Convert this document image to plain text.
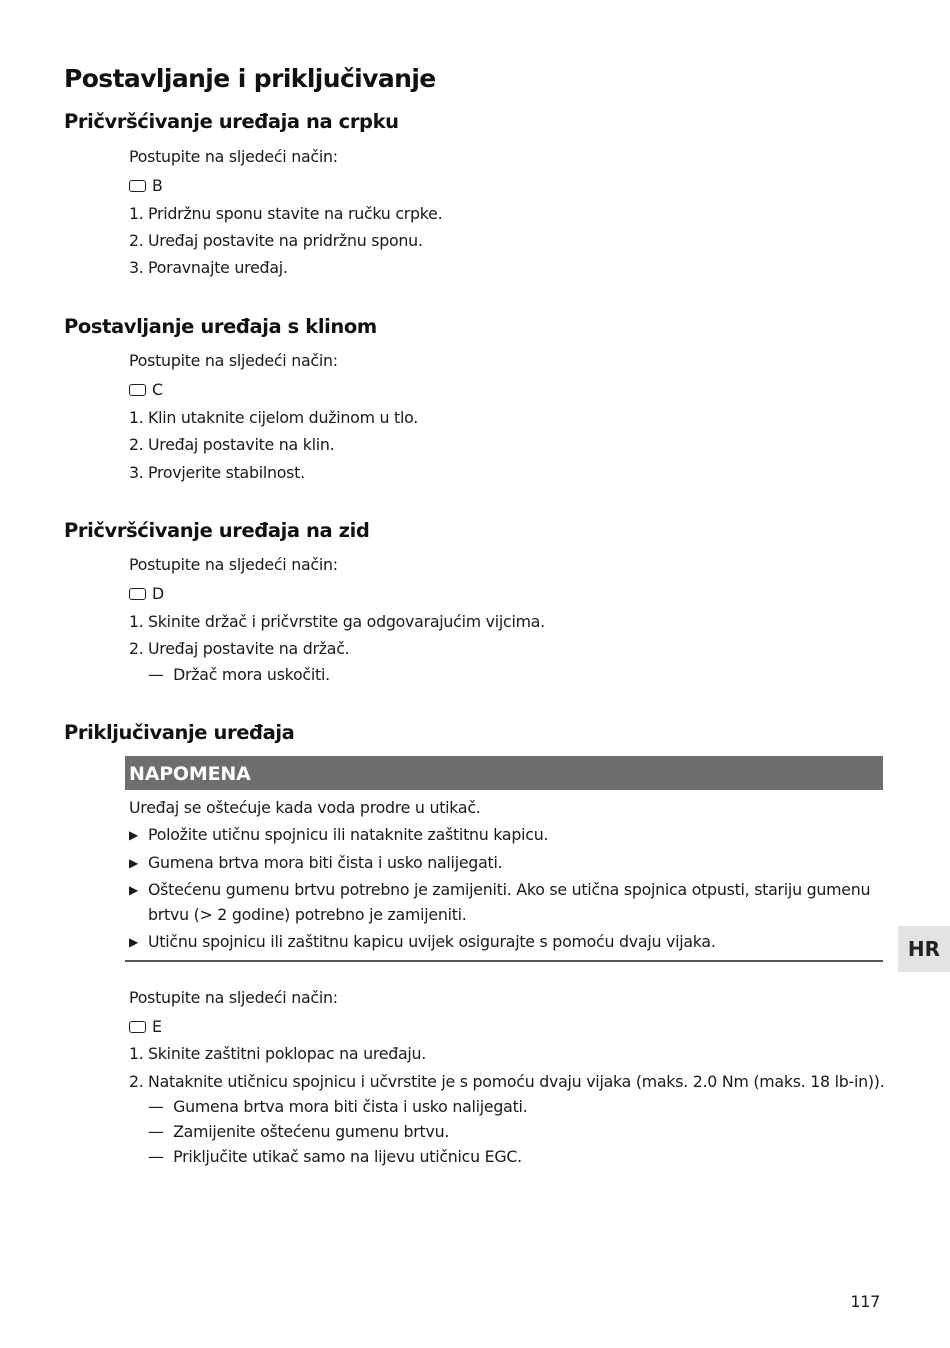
Postavljanje i priključivanje
Pričvršćivanje uređaja na crpku

Postupite na sljedeći način:

B

1. Pridržnu sponu stavite na ručku crpke.

2. Uređaj postavite na pridržnu sponu.

3. Poravnajte uređaj.

Postavljanje uređaja s klinom

Postupite na sljedeći način:

C

1. Klin utaknite cijelom dužinom u tlo.

2. Uređaj postavite na klin.

3. Provjerite stabilnost.

Pričvršćivanje uređaja na zid

Postupite na sljedeći način:

D

1. Skinite držač i pričvrstite ga odgovarajućim vijcima.

2. Uređaj postavite na držač.

— Držač mora uskočiti.

Priključivanje uređaja
NAPOMENA

Uređaj se oštećuje kada voda prodre u utikač.

▶ Položite utičnu spojnicu ili nataknite zaštitnu kapicu.

▶ Gumena brtva mora biti čista i usko nalijegati.

▶ Oštećenu gumenu brtvu potrebno je zamijeniti. Ako se utična spojnica otpusti, stariju gumenu

brtvu (> 2 godine) potrebno je zamijeniti.

▶ Utičnu spojnicu ili zaštitnu kapicu uvijek osigurajte s pomoću dvaju vijaka.

Postupite na sljedeći način:

E

1. Skinite zaštitni poklopac na uređaju.

2. Nataknite utičnicu spojnicu i učvrstite je s pomoću dvaju vijaka (maks. 2.0 Nm (maks. 18 lb-in)).

— Gumena brtva mora biti čista i usko nalijegati.

— Zamijenite oštećenu gumenu brtvu.

— Priključite utikač samo na lijevu utičnicu EGC.

HR
117
